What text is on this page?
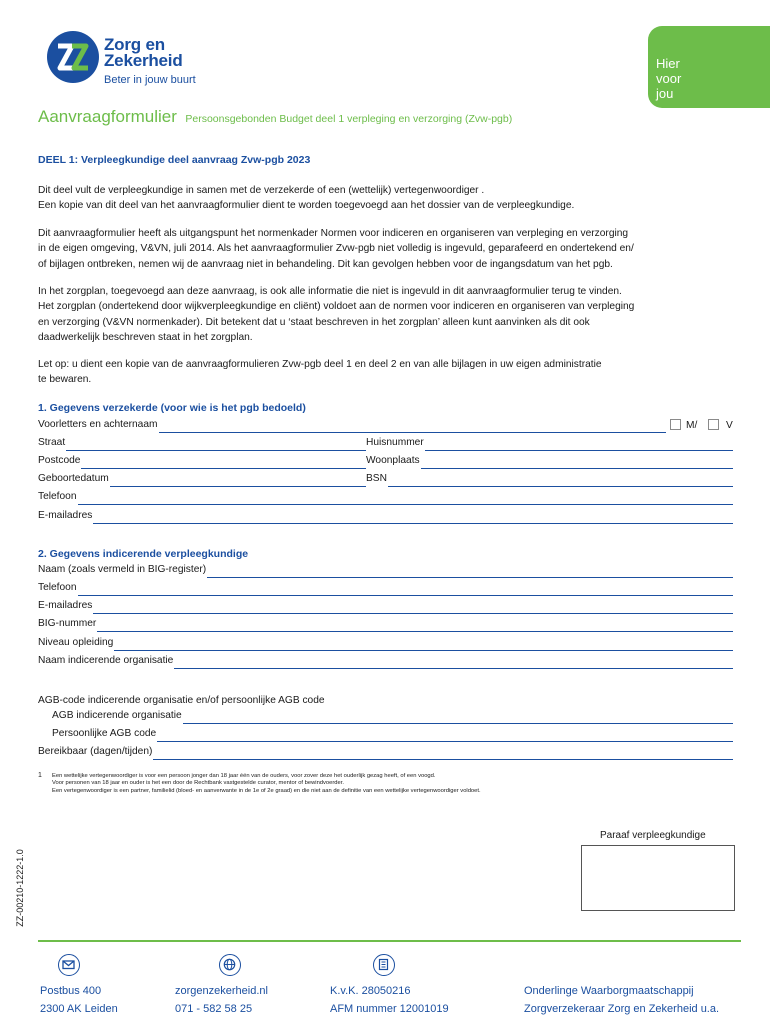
Zorg en
Zekerheid
Beter in jouw buurt
Hier
voor
jou
Aanvraagformulier Persoonsgebonden Budget deel 1 verpleging en verzorging (Zvw-pgb)
DEEL 1: Verpleegkundige deel aanvraag Zvw-pgb 2023
Dit deel vult de verpleegkundige in samen met de verzekerde of een (wettelijk) vertegenwoordiger .
Een kopie van dit deel van het aanvraagformulier dient te worden toegevoegd aan het dossier van de verpleegkundige.
Dit aanvraagformulier heeft als uitgangspunt het normenkader Normen voor indiceren en organiseren van verpleging en verzorging
in de eigen omgeving, V&VN, juli 2014. Als het aanvraagformulier Zvw-pgb niet volledig is ingevuld, geparafeerd en ondertekend en/
of bijlagen ontbreken, nemen wij de aanvraag niet in behandeling. Dit kan gevolgen hebben voor de ingangsdatum van het pgb.
In het zorgplan, toegevoegd aan deze aanvraag, is ook alle informatie die niet is ingevuld in dit aanvraagformulier terug te vinden.
Het zorgplan (ondertekend door wijkverpleegkundige en cliënt) voldoet aan de normen voor indiceren en organiseren van verpleging
en verzorging (V&VN normenkader). Dit betekent dat u ‘staat beschreven in het zorgplan’ alleen kunt aanvinken als dit ook
daadwerkelijk beschreven staat in het zorgplan.
Let op: u dient een kopie van de aanvraagformulieren Zvw-pgb deel 1 en deel 2 en van alle bijlagen in uw eigen administratie
te bewaren.
1. Gegevens verzekerde (voor wie is het pgb bedoeld)
Voorletters en achternaam	M/	V
Straat	Huisnummer
Postcode	Woonplaats
Geboortedatum	BSN
Telefoon
E-mailadres
2. Gegevens indicerende verpleegkundige
Naam (zoals vermeld in BIG-register)
Telefoon
E-mailadres
BIG-nummer
Niveau opleiding
Naam indicerende organisatie
AGB-code indicerende organisatie en/of persoonlijke AGB code
AGB indicerende organisatie
Persoonlijke AGB code
Bereikbaar (dagen/tijden)
1 Een wettelijke vertegenwoordiger is voor een persoon jonger dan 18 jaar één van de ouders, voor zover deze het ouderlijk gezag heeft, of een voogd.
Voor personen van 18 jaar en ouder is het een door de Rechtbank vastgestelde curator, mentor of bewindvoerder.
Een vertegenwoordiger is een partner, familielid (bloed- en aanverwante in de 1e of 2e graad) en die niet aan de definitie van een wettelijke vertegenwoordiger voldoet.
Paraaf verpleegkundige
ZZ-00210-1222-1.0
Postbus 400
2300 AK Leiden
zorgenzekerheid.nl
071 - 582 58 25
K.v.K. 28050216
AFM nummer 12001019
Onderlinge Waarborgmaatschappij
Zorgverzekeraar Zorg en Zekerheid u.a.
